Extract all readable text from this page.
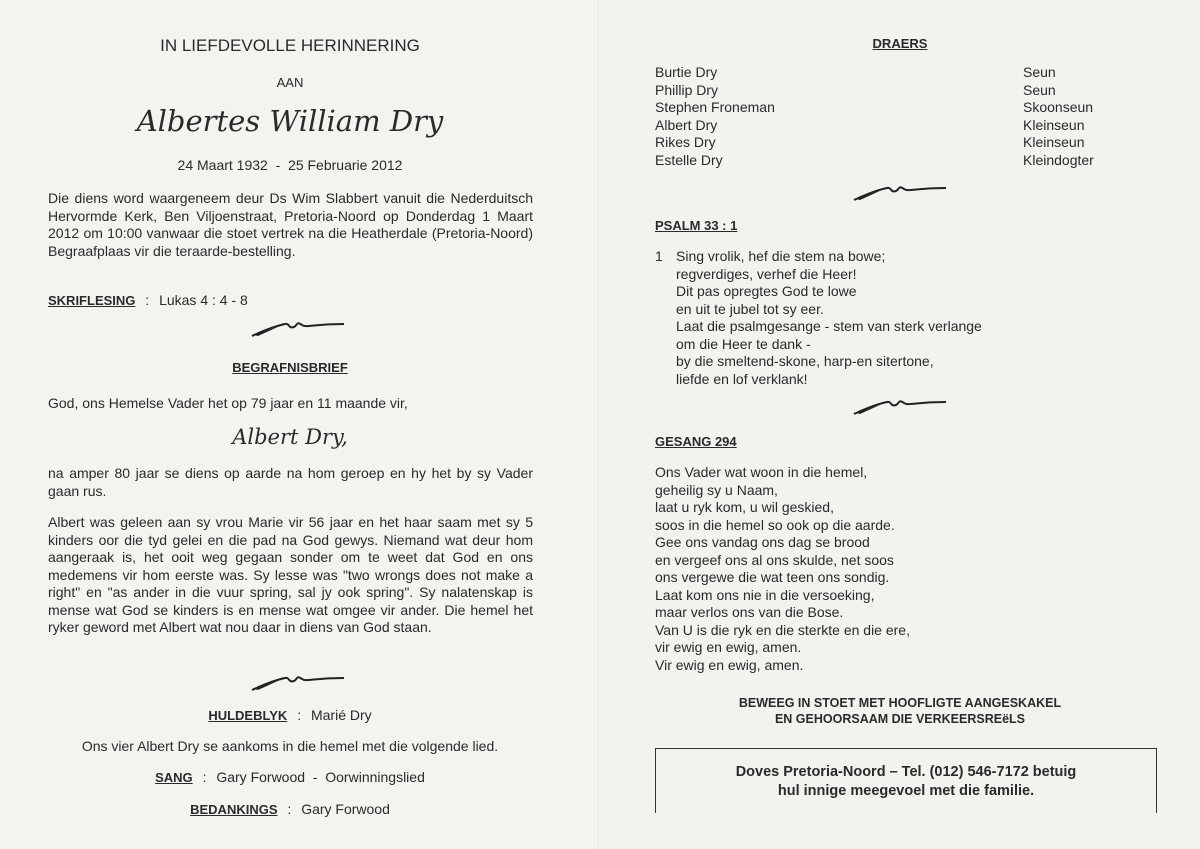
IN LIEFDEVOLLE HERINNERING
AAN
Albertes William Dry
24 Maart 1932  -  25 Februarie 2012
Die diens word waargeneem deur Ds Wim Slabbert vanuit die Nederduitsch Hervormde Kerk, Ben Viljoenstraat, Pretoria-Noord op Donderdag 1 Maart 2012 om 10:00 vanwaar die stoet vertrek na die Heatherdale (Pretoria-Noord) Begraafplaas vir die teraarde-bestelling.
SKRIFLESING : Lukas 4 : 4 - 8
BEGRAFNISBRIEF
God, ons Hemelse Vader het op 79 jaar en 11 maande vir,
Albert Dry,
na amper 80 jaar se diens op aarde na hom geroep en hy het by sy Vader gaan rus.
Albert was geleen aan sy vrou Marie vir 56 jaar en het haar saam met sy 5 kinders oor die tyd gelei en die pad na God gewys. Niemand wat deur hom aangeraak is, het ooit weg gegaan sonder om te weet dat God en ons medemens vir hom eerste was. Sy lesse was "two wrongs does not make a right" en "as ander in die vuur spring, sal jy ook spring". Sy nalatenskap is mense wat God se kinders is en mense wat omgee vir ander. Die hemel het ryker geword met Albert wat nou daar in diens van God staan.
HULDEBLYK : Marié Dry
Ons vier Albert Dry se aankoms in die hemel met die volgende lied.
SANG : Gary Forwood  -  Oorwinningslied
BEDANKINGS : Gary Forwood
DRAERS
Burtie Dry	Seun
Phillip Dry	Seun
Stephen Froneman	Skoonseun
Albert Dry	Kleinseun
Rikes Dry	Kleinseun
Estelle Dry	Kleindogter
PSALM 33 : 1
1 Sing vrolik, hef die stem na bowe;
regverdiges, verhef die Heer!
Dit pas opregtes God te lowe
en uit te jubel tot sy eer.
Laat die psalmgesange - stem van sterk verlange
om die Heer te dank -
by die smeltend-skone, harp-en sitertone,
liefde en lof verklank!
GESANG 294
Ons Vader wat woon in die hemel,
geheilig sy u Naam,
laat u ryk kom, u wil geskied,
soos in die hemel so ook op die aarde.
Gee ons vandag ons dag se brood
en vergeef ons al ons skulde, net soos
ons vergewe die wat teen ons sondig.
Laat kom ons nie in die versoeking,
maar verlos ons van die Bose.
Van U is die ryk en die sterkte en die ere,
vir ewig en ewig, amen.
Vir ewig en ewig, amen.
BEWEEG IN STOET MET HOOFLIGTE AANGESKAKEL
EN GEHOORSAAM DIE VERKEERSREëLS
Doves Pretoria-Noord – Tel. (012) 546-7172 betuig
hul innige meegevoel met die familie.
